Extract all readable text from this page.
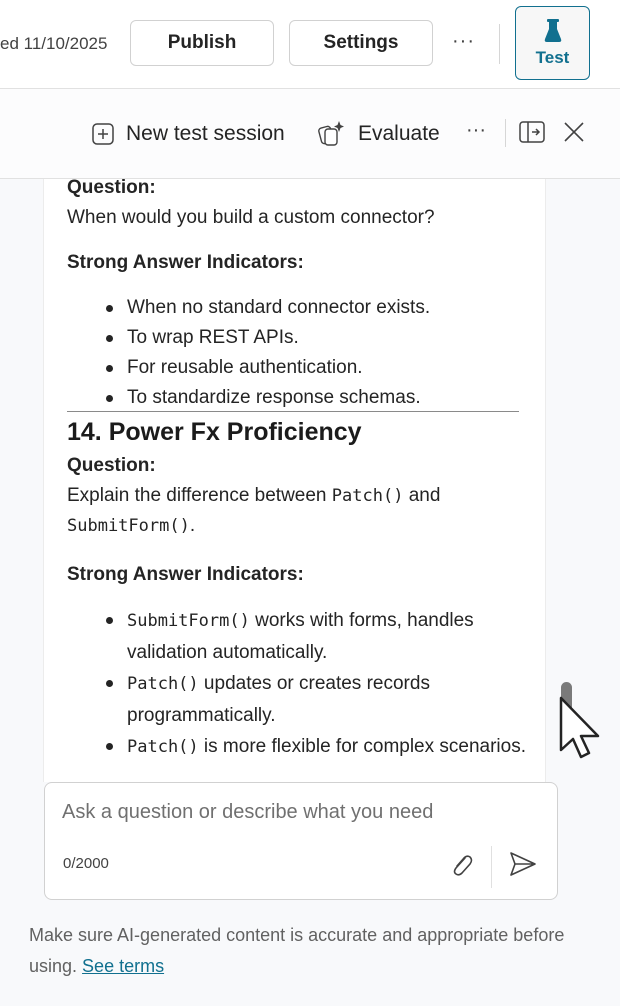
ed 11/10/2025	Publish	Settings	···
Test
New test session	Evaluate ···
Question:
When would you build a custom connector?
Strong Answer Indicators:
When no standard connector exists.
To wrap REST APIs.
For reusable authentication.
To standardize response schemas.
14. Power Fx Proficiency
Question:
Explain the difference between Patch() and
SubmitForm().
Strong Answer Indicators:
SubmitForm() works with forms, handles validation automatically.
Patch() updates or creates records programmatically.
Patch() is more flexible for complex scenarios.
Ask a question or describe what you need
0/2000
Make sure AI-generated content is accurate and appropriate before using. See terms
